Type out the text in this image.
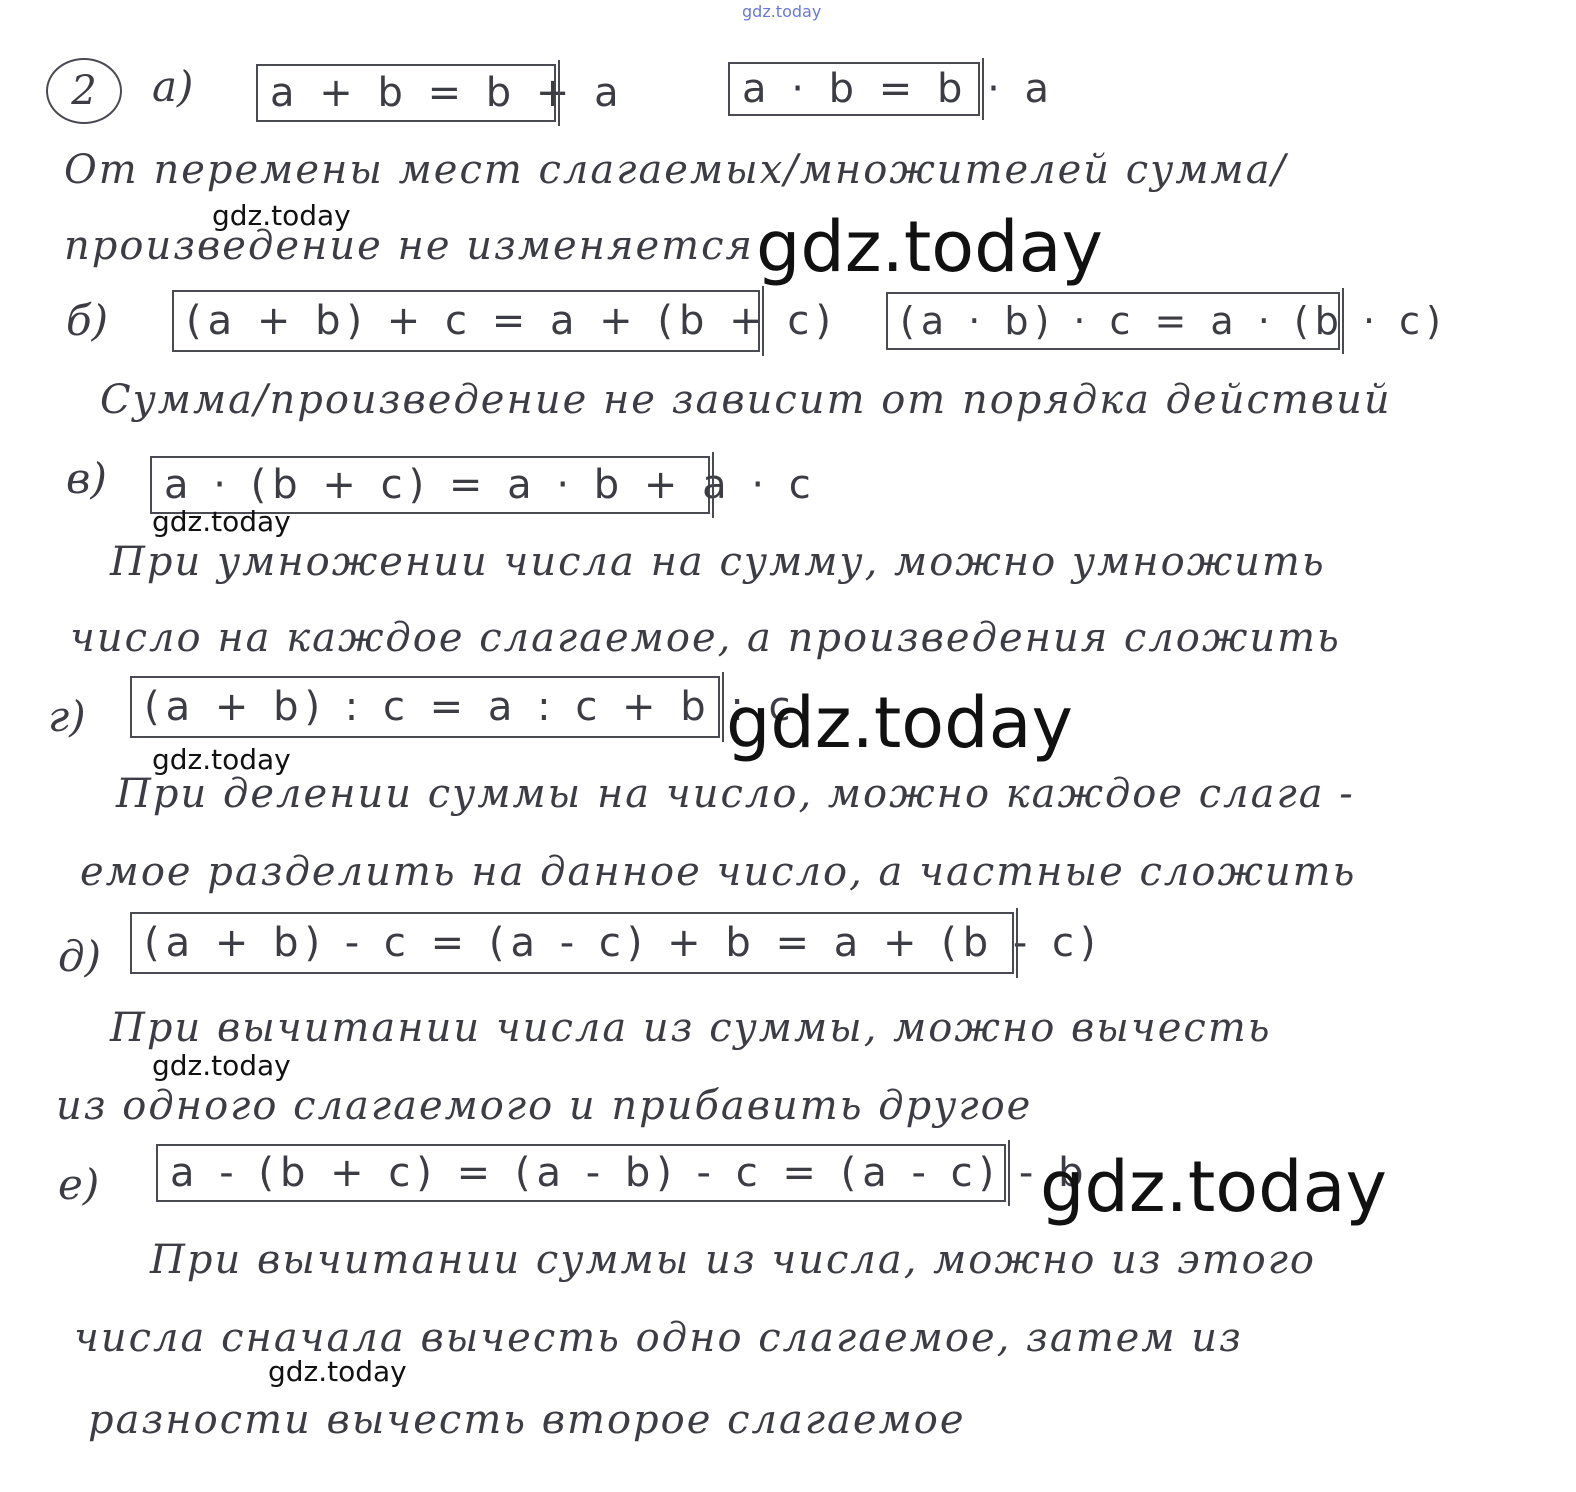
gdz.today
2 а)	a + b = b + a	a · b = b · a
От перемены мест слагаемых/множителей сумма/
произведение не изменяется
gdz.today	gdz.today
б)	(a + b) + c = a + (b + c)	(a · b) · c = a · (b · c)
Сумма/произведение не зависит от порядка действий
в)	a · (b + c) = a · b + a · c
gdz.today
При умножении числа на сумму, можно умножить
число на каждое слагаемое, а произведения сложить
г)	(a + b) : c = a : c + b : c
gdz.today
gdz.today
При делении суммы на число, можно каждое слага -
емое разделить на данное число, а частные сложить
д)	(a + b) - c = (a - c) + b = a + (b - c)
При вычитании числа из суммы, можно вычесть
gdz.today
из одного слагаемого и прибавить другое
е)	a - (b + c) = (a - b) - c = (a - c) - b
gdz.today
При вычитании суммы из числа, можно из этого
числа сначала вычесть одно слагаемое, затем из
gdz.today
разности вычесть второе слагаемое
